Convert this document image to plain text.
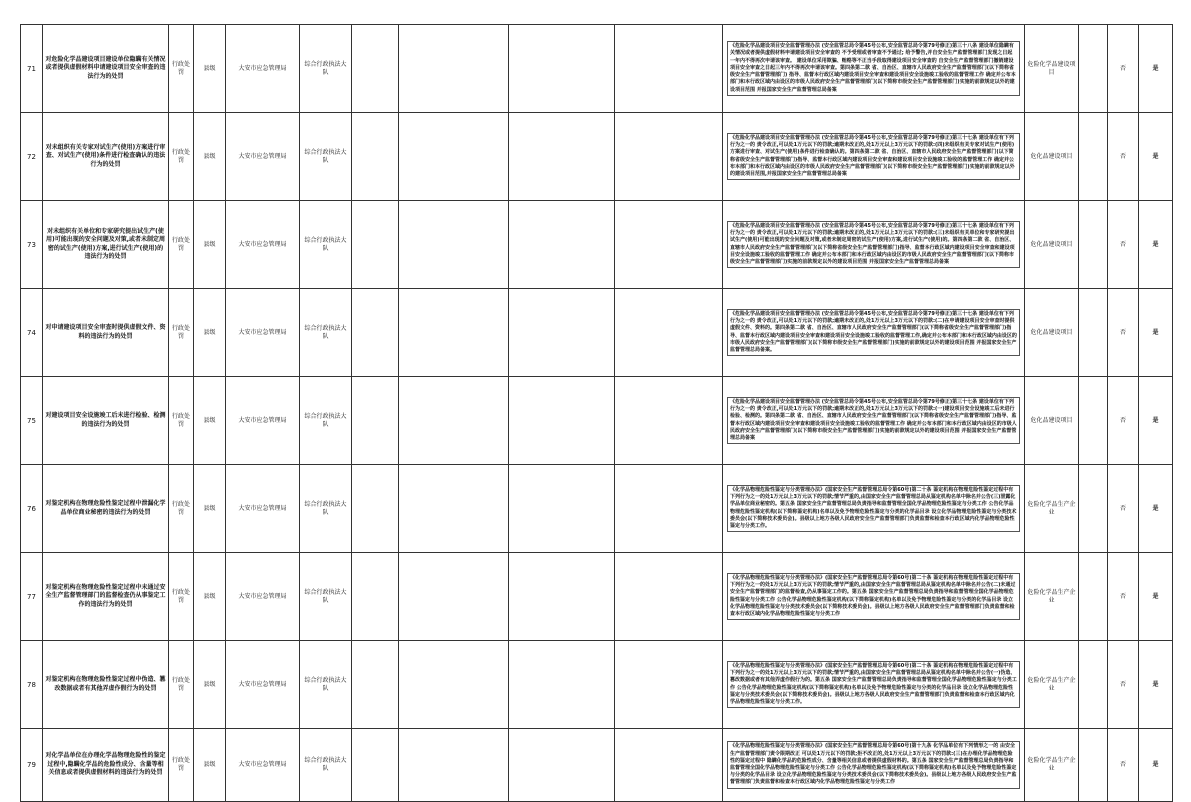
71	对危险化学品建设项目建设单位隐瞒有关情况或者提供虚假材料申请建设项目安全审查的违法行为的处罚	行政处罚	县级	大安市应急管理局	综合行政执法大队					《危险化学品建设项目安全监督管理办法 (安全监管总局令第45号公布,安全监管总局令第79号修正)第三十八条 建设单位隐瞒有关情况或者提供虚假材料申请建设项目安全审查的 不予受理或者审查不予通过; 给予警告,并自安全生产监督管理部门发现之日起一年内不得再次申请该审查。 建设单位采用欺骗、贿赂等不正当手段取得建设项目安全审查的 自安全生产监督管理部门撤销建设项目安全审查之日起三年内不得再次申请该审查。第四条第二款 省、自治区、直辖市人民政府安全生产监督管理部门(以下简称省级安全生产监督管理部门) 指导、监督本行政区域内建设项目安全审查和建设项目安全设施竣工验收的监督管理工作 确定并公布本部门和本行政区域内由设区的市级人民政府安全生产监督管理部门(以下简称市级安全生产监督管理部门)实施的前款规定以外的建设项目范围 并报国家安全生产监督管理总局备案	危险化学品建设项目		否	是
72	对未组织有关专家对试生产(使用)方案进行审查、对试生产(使用)条件进行检查确认的违法行为的处罚	行政处罚	县级	大安市应急管理局	综合行政执法大队					《危险化学品建设项目安全监督管理办法 (安全监管总局令第45号公布,安全监管总局令第79号修正)第三十七条 建设单位有下列行为之一的 责令改正,可以处1万元以下的罚款;逾期未改正的,处1万元以上3万元以下的罚款:(四)未组织有关专家对试生产(使用)方案进行审查、对试生产(使用)条件进行检查确认的。第四条第二款 省、自治区、直辖市人民政府安全生产监督管理部门(以下简称省级安全生产监督管理部门)指导、监督本行政区域内建设项目安全审查和建设项目安全设施竣工验收的监督管理工作 确定并公布本部门和本行政区域内由设区的市级人民政府安全生产监督管理部门(以下简称市级安全生产监督管理部门)实施的前款规定以外的建设项目范围,并报国家安全生产监督管理总局备案	危化品建设项目		否	是
73	对未组织有关单位和专家研究提出试生产(使用)可能出现的安全问题及对策,或者未制定周密的试生产(使用)方案,进行试生产(使用)的违法行为的处罚	行政处罚	县级	大安市应急管理局	综合行政执法大队					《危险化学品建设项目安全监督管理办法 (安全监管总局令第45号公布,安全监管总局令第79号修正)第三十七条 建设单位有下列行为之一的 责令改正,可以处1万元以下的罚款;逾期未改正的,处1万元以上3万元以下的罚款:(三)未组织有关单位和专家研究提出试生产(使用)可能出现的安全问题及对策,或者未制定周密的试生产(使用)方案,进行试生产(使用)的。第四条第二款 省、自治区、直辖市人民政府安全生产监督管理部门(以下简称省级安全生产监督管理部门)指导、监督本行政区域内建设项目安全审查和建设项目安全设施竣工验收的监督管理工作 确定并公布本部门和本行政区域内由设区的市级人民政府安全生产监督管理部门(以下简称市级安全生产监督管理部门)实施的前款规定以外的建设项目范围 并报国家安全生产监督管理总局备案	危化品建设项目		否	是
74	对申请建设项目安全审查时提供虚假文件、资料的违法行为的处罚	行政处罚	县级	大安市应急管理局	综合行政执法大队					《危险化学品建设项目安全监督管理办法 (安全监管总局令第45号公布,安全监管总局令第79号修正)第三十七条 建设单位有下列行为之一的 责令改正,可以处1万元以下的罚款;逾期未改正的,处1万元以上3万元以下的罚款:(二)在申请建设项目安全审查时提供虚假文件、资料的。第四条第二款 省、自治区、直辖市人民政府安全生产监督管理部门(以下简称省级安全生产监督管理部门)指导、监督本行政区域内建设项目安全审查和建设项目安全设施竣工验收的监督管理工作,确定并公布本部门和本行政区域内由设区的市级人民政府安全生产监督管理部门(以下简称市级安全生产监督管理部门)实施的前款规定以外的建设项目范围 并报国家安全生产监督管理总局备案。	危化品建设项目		否	是
75	对建设项目安全设施竣工后未进行检验、检测的违法行为的处罚	行政处罚	县级	大安市应急管理局	综合行政执法大队					《危险化学品建设项目安全监督管理办法 (安全监管总局令第45号公布,安全监管总局令第79号修正)第三十七条 建设单位有下列行为之一的 责令改正,可以处1万元以下的罚款;逾期未改正的,处1万元以上3万元以下的罚款:(一)建设项目安全设施竣工后未进行检验、检测的。第四条第二款 省、自治区、直辖市人民政府安全生产监督管理部门(以下简称省级安全生产监督管理部门)指导、监督本行政区域内建设项目安全审查和建设项目安全设施竣工验收的监督管理工作 确定并公布本部门和本行政区域内由设区的市级人民政府安全生产监督管理部门(以下简称市级安全生产监督管理部门)实施的前款规定以外的建设项目范围 并报国家安全生产监督管理总局备案	危化品建设项目		否	是
76	对鉴定机构在物理危险性鉴定过程中泄漏化学品单位商业秘密的违法行为的处罚	行政处罚	县级	大安市应急管理局	综合行政执法大队					《化学品物理危险性鉴定与分类管理办法》(国家安全生产监督管理总局令第60号)第二十条 鉴定机构在物理危险性鉴定过程中有下列行为之一的处1万元以上3万元以下的罚款;情节严重的,由国家安全生产监督管理总局从鉴定机构名单中除名并公告(三)泄露化学品单位商业秘密的。第五条 国家安全生产监督管理总局负责指导和监督管理全国化学品物理危险性鉴定与分类工作 公告化学品物理危险性鉴定机构(以下简称鉴定机构)名单以及免予物理危险性鉴定与分类的化学品目录 设立化学品物理危险性鉴定与分类技术委员会(以下简称技术委员会)。县级以上地方各级人民政府安全生产监督管理部门负责监督和检查本行政区域内化学品物理危险性鉴定与分类工作。	危险化学品生产企业		否	是
77	对鉴定机构在物理危险性鉴定过程中未通过安全生产监督管理部门的监督检查仍从事鉴定工作的违法行为的处罚	行政处罚	县级	大安市应急管理局	综合行政执法大队					《化学品物理危险性鉴定与分类管理办法》(国家安全生产监督管理总局令第60号)第二十条 鉴定机构在物理危险性鉴定过程中有下列行为之一的处1万元以上3万元以下的罚款;情节严重的,由国家安全生产监督管理总局从鉴定机构名单中除名并公告(二)未通过安全生产监督管理部门的监督检查,仍从事鉴定工作的。第五条 国家安全生产监督管理总局负责指导和监督管理全国化学品物理危险性鉴定与分类工作 公告化学品物理危险性鉴定机构(以下简称鉴定机构)名单以及免予物理危险性鉴定与分类的化学品目录 设立化学品物理危险性鉴定与分类技术委员会(以下简称技术委员会)。县级以上地方各级人民政府安全生产监督管理部门负责监督和检查本行政区域内化学品物理危险性鉴定与分类工作	危险化学品生产企业		否	是
78	对鉴定机构在物理危险性鉴定过程中伪造、篡改数据或者有其他弄虚作假行为的处罚	行政处罚	县级	大安市应急管理局	综合行政执法大队					《化学品物理危险性鉴定与分类管理办法》(国家安全生产监督管理总局令第60号)第二十条 鉴定机构在物理危险性鉴定过程中有下列行为之一的处1万元以上3万元以下的罚款;情节严重的,由国家安全生产监督管理总局从鉴定机构名单中除名并公告(一)伪造、篡改数据或者有其他弄虚作假行为的。第五条 国家安全生产监督管理总局负责指导和监督管理全国化学品物理危险性鉴定与分类工作 公告化学品物理危险性鉴定机构(以下简称鉴定机构)名单以及免予物理危险性鉴定与分类的化学品目录 设立化学品物理危险性鉴定与分类技术委员会(以下简称技术委员会)。县级以上地方各级人民政府安全生产监督管理部门负责监督和检查本行政区域内化学品物理危险性鉴定与分类工作。	危险化学品生产企业		否	是
79	对化学品单位在办理化学品物理危险性的鉴定过程中,隐瞒化学品的危险性成分、含量等相关信息或者提供虚假材料的违法行为的处罚	行政处罚	县级	大安市应急管理局	综合行政执法大队					《化学品物理危险性鉴定与分类管理办法》(国家安全生产监督管理总局令第60号)第十九条 化学品单位有下列情形之一的 由安全生产监督管理部门责令限期改正 可以处1万元以下的罚款;拒不改正的,处1万元以上3万元以下的罚款:(三)在办理化学品物理危险性的鉴定过程中 隐瞒化学品的危险性成分、含量等相关信息或者提供虚假材料的。第五条 国家安全生产监督管理总局负责指导和监督管理全国化学品物理危险性鉴定与分类工作 公告化学品物理危险性鉴定机构(以下简称鉴定机构)名单以及免予物理危险性鉴定与分类的化学品目录 设立化学品物理危险性鉴定与分类技术委员会(以下简称技术委员会)。县级以上地方各级人民政府安全生产监督管理部门负责监督和检查本行政区域内化学品物理危险性鉴定与分类工作	危险化学品生产企业		否	是
